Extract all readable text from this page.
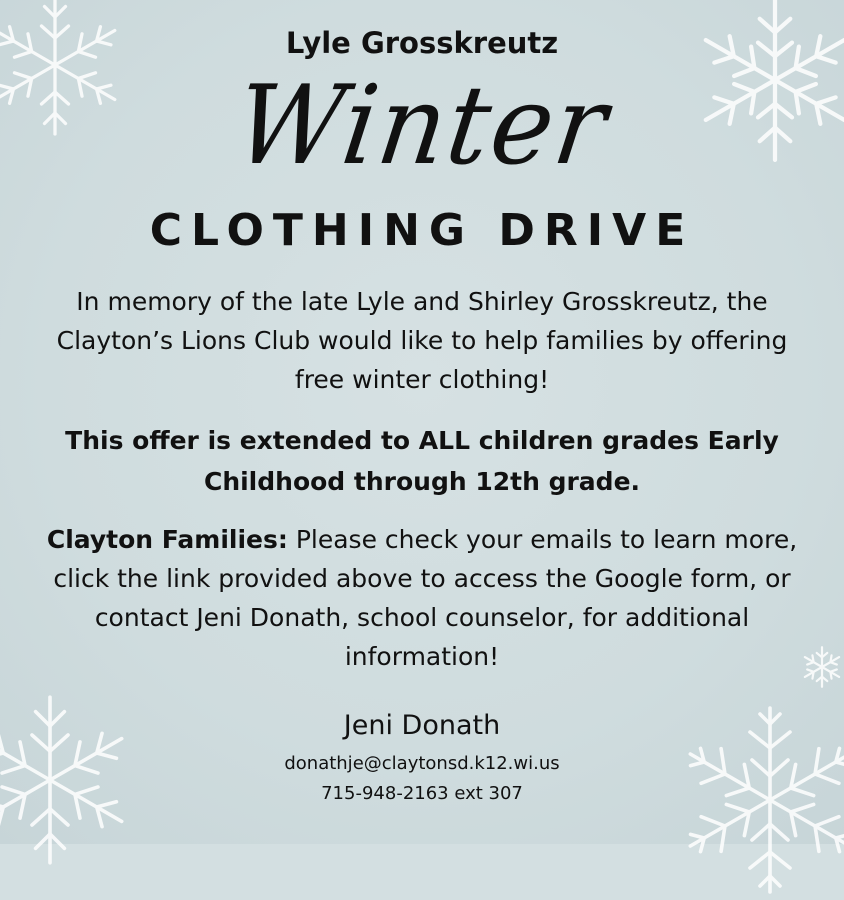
Lyle Grosskreutz
Winter
CLOTHING DRIVE
In memory of the late Lyle and Shirley Grosskreutz, the Clayton’s Lions Club would like to help families by offering free winter clothing!
This offer is extended to ALL children grades Early Childhood through 12th grade.
Clayton Families: Please check your emails to learn more, click the link provided above to access the Google form, or contact Jeni Donath, school counselor, for additional information!
Jeni Donath
donathje@claytonsd.k12.wi.us
715-948-2163 ext 307
